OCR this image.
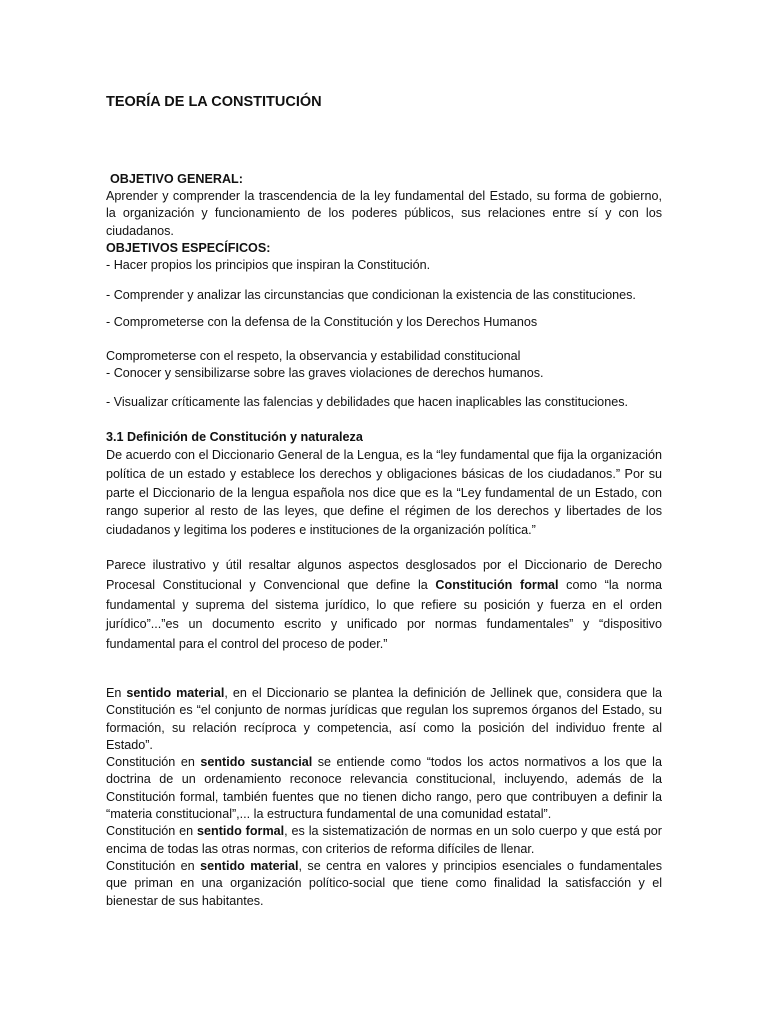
TEORÍA DE LA CONSTITUCIÓN

OBJETIVO GENERAL:

Aprender y comprender la trascendencia de la ley fundamental del Estado, su forma de gobierno, la organización y funcionamiento de los poderes públicos, sus relaciones entre sí y con los ciudadanos.

OBJETIVOS ESPECÍFICOS:

- Hacer propios los principios que inspiran la Constitución.

- Comprender y analizar las circunstancias que condicionan la existencia de las constituciones.

- Comprometerse con la defensa de la Constitución y los Derechos Humanos

Comprometerse con el respeto, la observancia y estabilidad constitucional

- Conocer y sensibilizarse sobre las graves violaciones de derechos humanos.

- Visualizar críticamente las falencias y debilidades que hacen inaplicables las constituciones.

3.1 Definición de Constitución y naturaleza

De acuerdo con el Diccionario General de la Lengua, es la “ley fundamental que fija la organización política de un estado y establece los derechos y obligaciones básicas de los ciudadanos.” Por su parte el Diccionario de la lengua española nos dice que es la “Ley fundamental de un Estado, con rango superior al resto de las leyes, que define el régimen de los derechos y libertades de los ciudadanos y legitima los poderes e instituciones de la organización política.”

Parece ilustrativo y útil resaltar algunos aspectos desglosados por el Diccionario de Derecho Procesal Constitucional y Convencional que define la Constitución formal como “la norma fundamental y suprema del sistema jurídico, lo que refiere su posición y fuerza en el orden jurídico”...”es un documento escrito y unificado por normas fundamentales” y “dispositivo fundamental para el control del proceso de poder.”

En sentido material, en el Diccionario se plantea la definición de Jellinek que, considera que la Constitución es “el conjunto de normas jurídicas que regulan los supremos órganos del Estado, su formación, su relación recíproca y competencia, así como la posición del individuo frente al Estado”.

Constitución en sentido sustancial se entiende como “todos los actos normativos a los que la doctrina de un ordenamiento reconoce relevancia constitucional, incluyendo, además de la Constitución formal, también fuentes que no tienen dicho rango, pero que contribuyen a definir la “materia constitucional”,... la estructura fundamental de una comunidad estatal”.

Constitución en sentido formal, es la sistematización de normas en un solo cuerpo y que está por encima de todas las otras normas, con criterios de reforma difíciles de llenar.

Constitución en sentido material, se centra en valores y principios esenciales o fundamentales que priman en una organización político-social que tiene como finalidad la satisfacción y el bienestar de sus habitantes.
